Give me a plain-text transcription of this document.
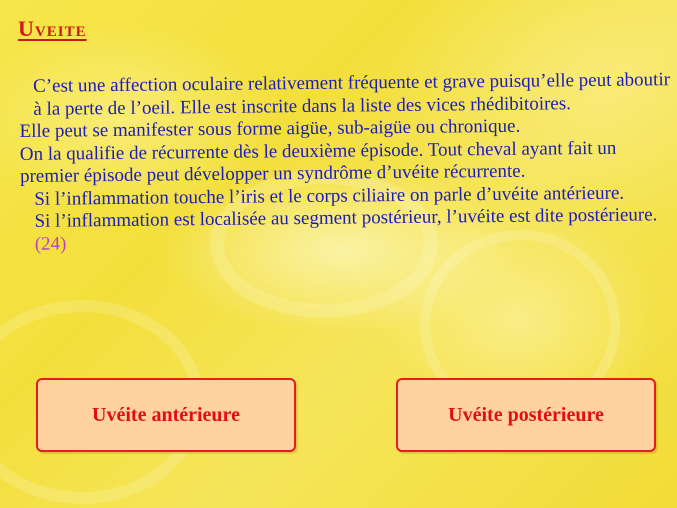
Uveite

C’est une affection oculaire relativement fréquente et grave puisqu’elle peut aboutir à la perte de l’oeil. Elle est inscrite dans la liste des vices rhédibitoires.

Elle peut se manifester sous forme aigüe, sub-aigüe ou chronique.

On la qualifie de récurrente dès le deuxième épisode. Tout cheval ayant fait un premier épisode peut développer un syndrôme d’uvéite récurrente.

Si l’inflammation touche l’iris et le corps ciliaire on parle d’uvéite antérieure.

Si l’inflammation est localisée au segment postérieur, l’uvéite est dite postérieure. (24)

Uvéite antérieure	Uvéite postérieure
